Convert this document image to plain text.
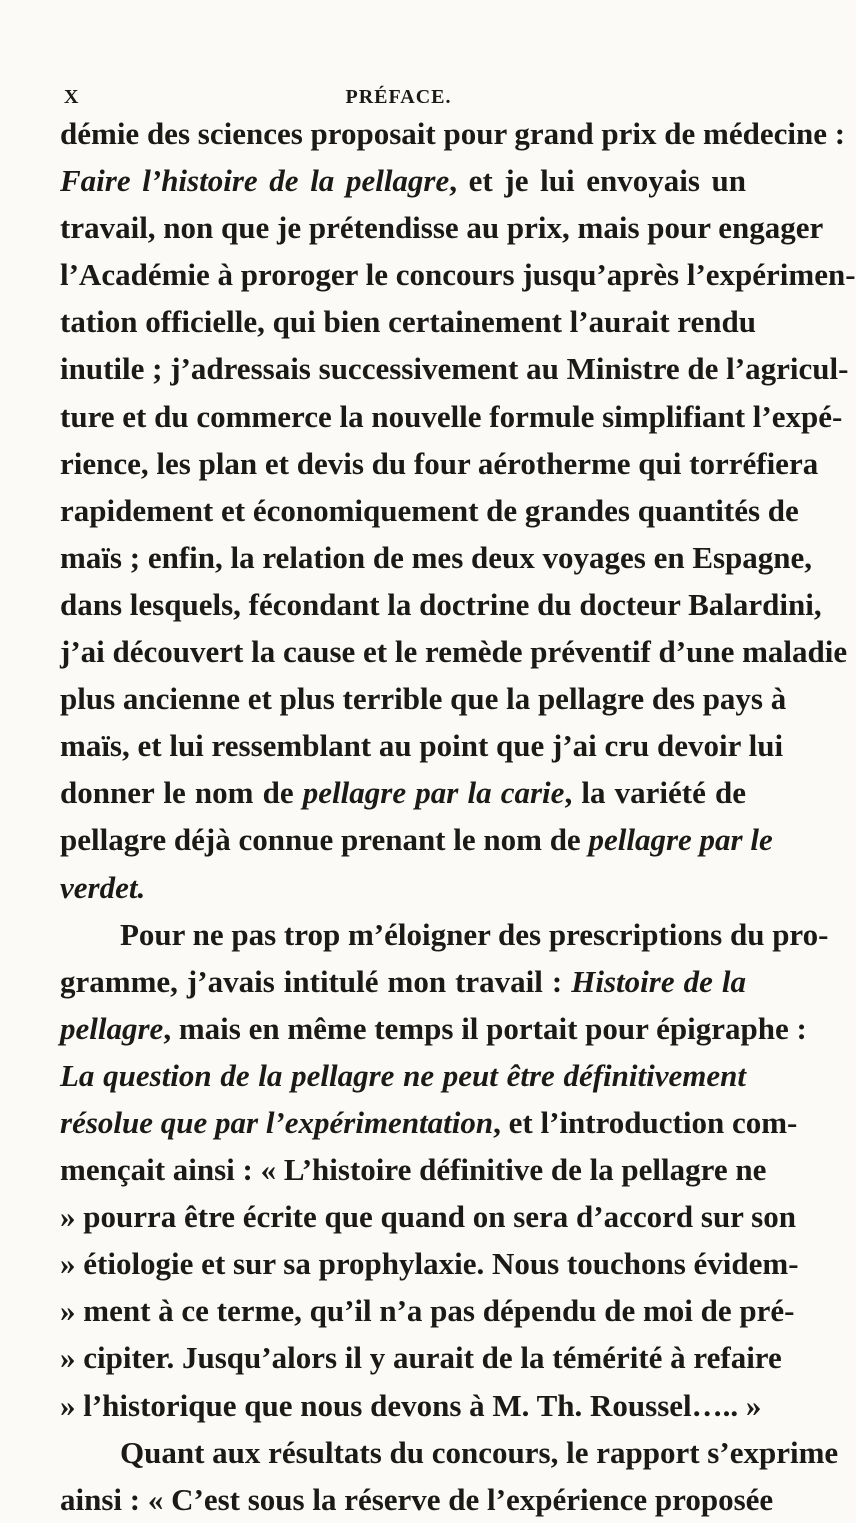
X	PRÉFACE.
démie des sciences proposait pour grand prix de médecine :
Faire l’histoire de la pellagre, et je lui envoyais un
travail, non que je prétendisse au prix, mais pour engager
l’Académie à proroger le concours jusqu’après l’expérimen-
tation officielle, qui bien certainement l’aurait rendu
inutile ; j’adressais successivement au Ministre de l’agricul-
ture et du commerce la nouvelle formule simplifiant l’expé-
rience, les plan et devis du four aérotherme qui torréfiera
rapidement et économiquement de grandes quantités de
maïs ; enfin, la relation de mes deux voyages en Espagne,
dans lesquels, fécondant la doctrine du docteur Balardini,
j’ai découvert la cause et le remède préventif d’une maladie
plus ancienne et plus terrible que la pellagre des pays à
maïs, et lui ressemblant au point que j’ai cru devoir lui
donner le nom de pellagre par la carie, la variété de
pellagre déjà connue prenant le nom de pellagre par le
verdet.
Pour ne pas trop m’éloigner des prescriptions du pro-
gramme, j’avais intitulé mon travail : Histoire de la
pellagre, mais en même temps il portait pour épigraphe :
La question de la pellagre ne peut être définitivement
résolue que par l’expérimentation, et l’introduction com-
mençait ainsi : « L’histoire définitive de la pellagre ne
» pourra être écrite que quand on sera d’accord sur son
» étiologie et sur sa prophylaxie. Nous touchons évidem-
» ment à ce terme, qu’il n’a pas dépendu de moi de pré-
» cipiter. Jusqu’alors il y aurait de la témérité à refaire
» l’historique que nous devons à M. Th. Roussel….. »
Quant aux résultats du concours, le rapport s’exprime
ainsi : « C’est sous la réserve de l’expérience proposée
